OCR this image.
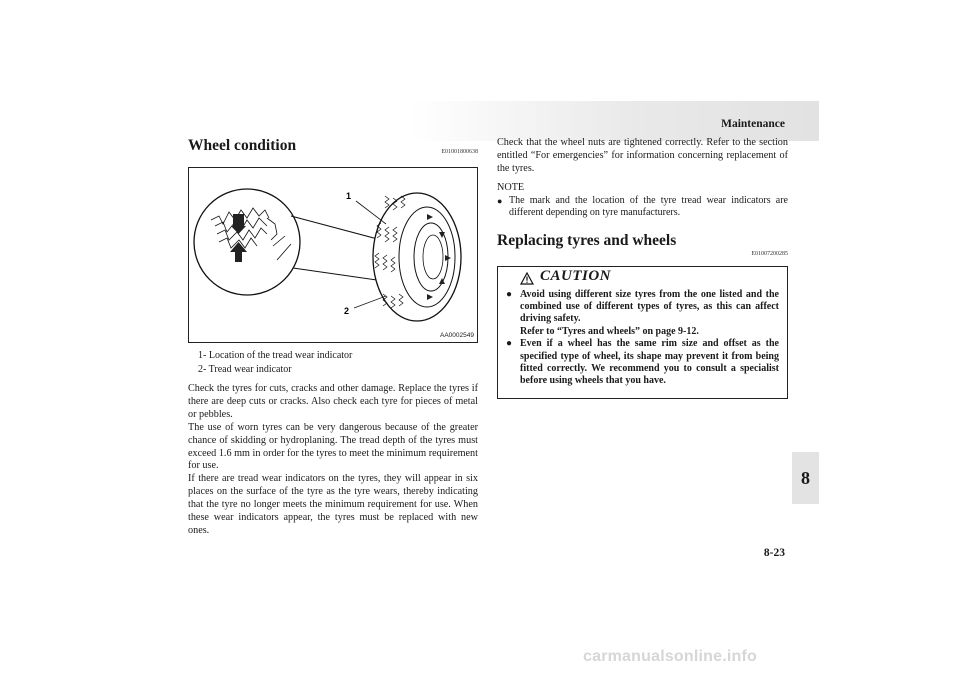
Maintenance
8-23
8
Wheel condition	E01001800638
1
2
AA0002549
1- Location of the tread wear indicator
2- Tread wear indicator

Check the tyres for cuts, cracks and other damage. Replace the tyres if there are deep cuts or cracks. Also check each tyre for pieces of metal or pebbles.

The use of worn tyres can be very dangerous because of the greater chance of skidding or hydroplaning. The tread depth of the tyres must exceed 1.6 mm in order for the tyres to meet the minimum requirement for use.

If there are tread wear indicators on the tyres, they will appear in six places on the surface of the tyre as the tyre wears, thereby indicating that the tyre no longer meets the minimum requirement for use. When these wear indicators appear, the tyres must be replaced with new ones.

Check that the wheel nuts are tightened correctly. Refer to the section entitled “For emergencies” for information concerning replacement of the tyres.

NOTE
● The mark and the location of the tyre tread wear indicators are different depending on tyre manufacturers.
Replacing tyres and wheels
E01007200285
CAUTION
● Avoid using different size tyres from the one listed and the combined use of different types of tyres, as this can affect driving safety.
Refer to “Tyres and wheels” on page 9-12.
● Even if a wheel has the same rim size and offset as the specified type of wheel, its shape may prevent it from being fitted correctly. We recommend you to consult a specialist before using wheels that you have.
carmanualsonline.info
